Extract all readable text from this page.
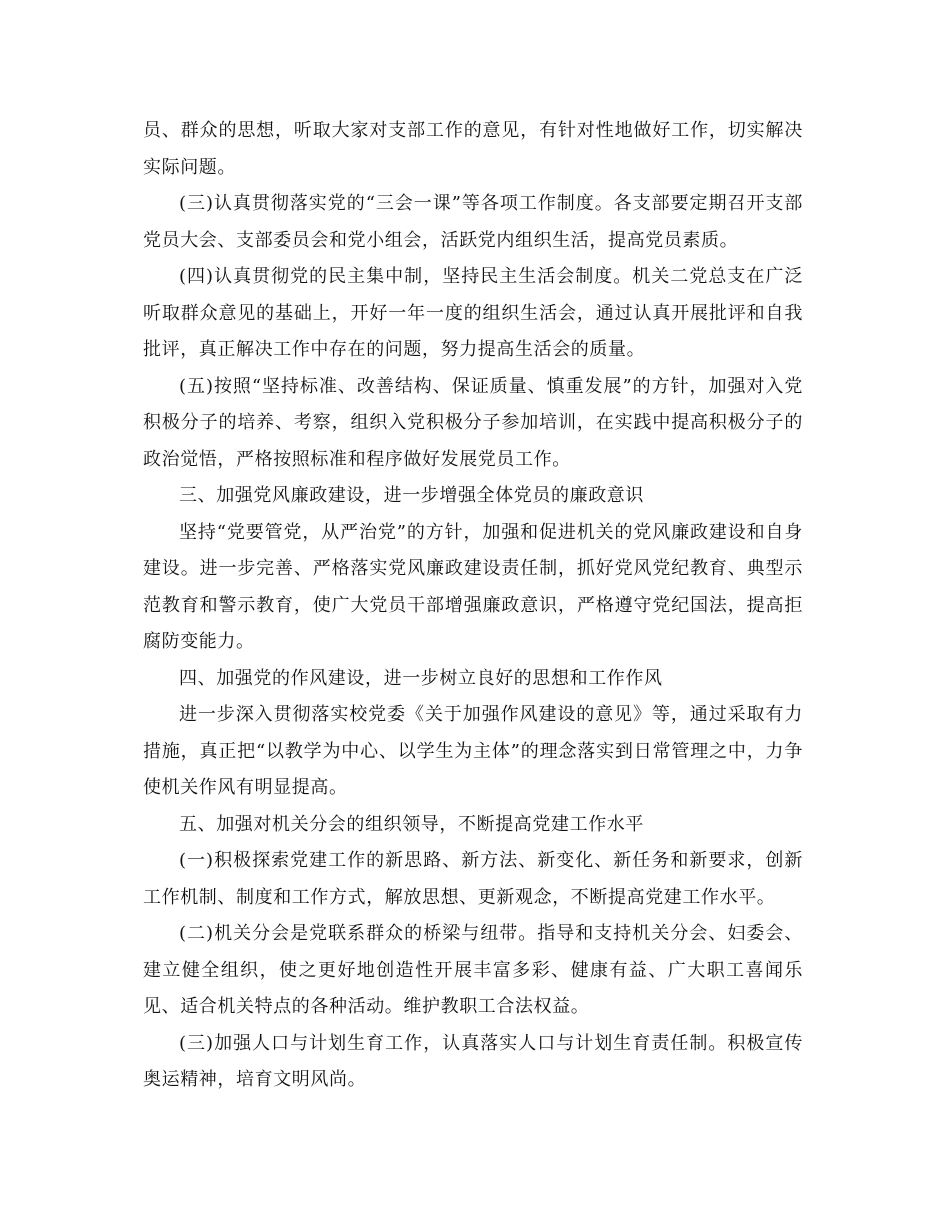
员、群众的思想，听取大家对支部工作的意见，有针对性地做好工作，切实解决实际问题。

(三)认真贯彻落实党的“三会一课”等各项工作制度。各支部要定期召开支部党员大会、支部委员会和党小组会，活跃党内组织生活，提高党员素质。

(四)认真贯彻党的民主集中制，坚持民主生活会制度。机关二党总支在广泛听取群众意见的基础上，开好一年一度的组织生活会，通过认真开展批评和自我批评，真正解决工作中存在的问题，努力提高生活会的质量。

(五)按照“坚持标准、改善结构、保证质量、慎重发展”的方针，加强对入党积极分子的培养、考察，组织入党积极分子参加培训，在实践中提高积极分子的政治觉悟，严格按照标准和程序做好发展党员工作。

三、加强党风廉政建设，进一步增强全体党员的廉政意识

坚持“党要管党，从严治党”的方针，加强和促进机关的党风廉政建设和自身建设。进一步完善、严格落实党风廉政建设责任制，抓好党风党纪教育、典型示范教育和警示教育，使广大党员干部增强廉政意识，严格遵守党纪国法，提高拒腐防变能力。

四、加强党的作风建设，进一步树立良好的思想和工作作风

进一步深入贯彻落实校党委《关于加强作风建设的意见》等，通过采取有力措施，真正把“以教学为中心、以学生为主体”的理念落实到日常管理之中，力争使机关作风有明显提高。

五、加强对机关分会的组织领导，不断提高党建工作水平

(一)积极探索党建工作的新思路、新方法、新变化、新任务和新要求，创新工作机制、制度和工作方式，解放思想、更新观念，不断提高党建工作水平。

(二)机关分会是党联系群众的桥梁与纽带。指导和支持机关分会、妇委会、建立健全组织，使之更好地创造性开展丰富多彩、健康有益、广大职工喜闻乐见、适合机关特点的各种活动。维护教职工合法权益。

(三)加强人口与计划生育工作，认真落实人口与计划生育责任制。积极宣传奥运精神，培育文明风尚。
